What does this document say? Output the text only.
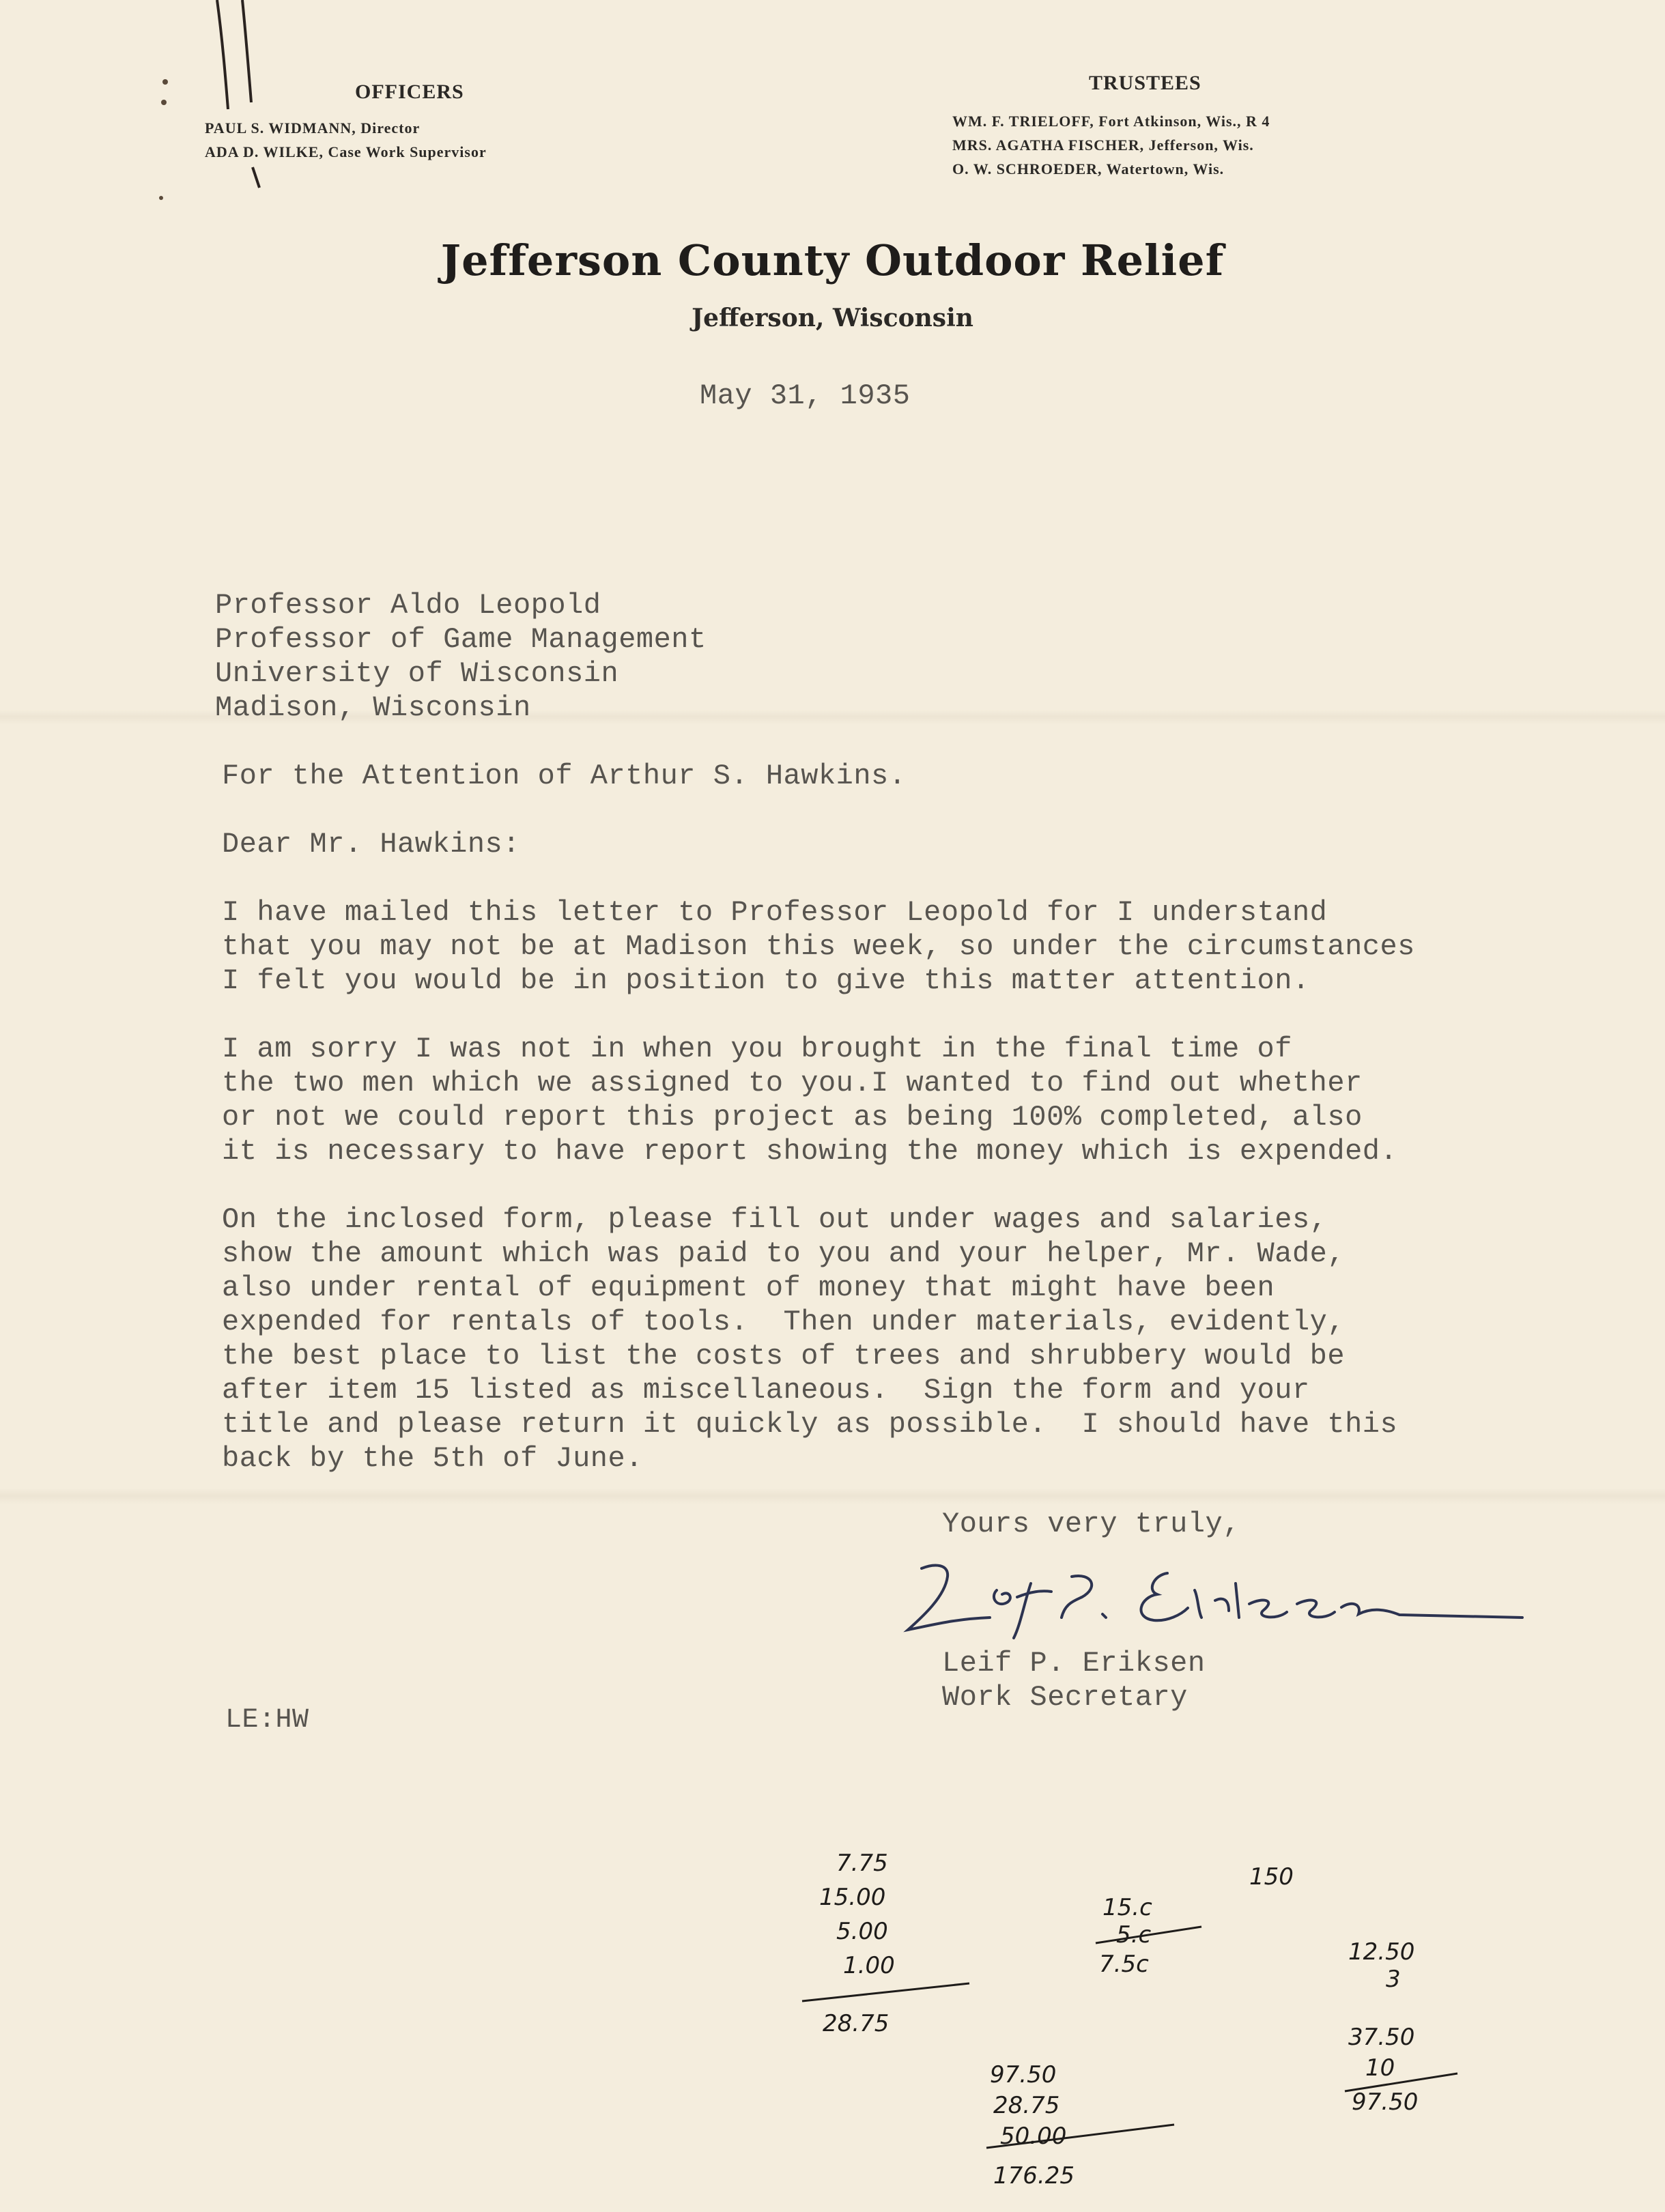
OFFICERS
PAUL S. WIDMANN, Director
ADA D. WILKE, Case Work Supervisor
TRUSTEES
WM. F. TRIELOFF, Fort Atkinson, Wis., R 4
MRS. AGATHA FISCHER, Jefferson, Wis.
O. W. SCHROEDER, Watertown, Wis.
Jefferson County Outdoor Relief
Jefferson, Wisconsin
May 31, 1935
Professor Aldo Leopold
Professor of Game Management
University of Wisconsin
Madison, Wisconsin
For the Attention of Arthur S. Hawkins.
Dear Mr. Hawkins:
I have mailed this letter to Professor Leopold for I understand
that you may not be at Madison this week, so under the circumstances
I felt you would be in position to give this matter attention.
I am sorry I was not in when you brought in the final time of
the two men which we assigned to you.I wanted to find out whether
or not we could report this project as being 100% completed, also
it is necessary to have report showing the money which is expended.
On the inclosed form, please fill out under wages and salaries,
show the amount which was paid to you and your helper, Mr. Wade,
also under rental of equipment of money that might have been
expended for rentals of tools.  Then under materials, evidently,
the best place to list the costs of trees and shrubbery would be
after item 15 listed as miscellaneous.  Sign the form and your
title and please return it quickly as possible.  I should have this
back by the 5th of June.
Yours very truly,
Leif P. Eriksen
Work Secretary
LE:HW
7.75
15.00
5.00
1.00
28.75
15.c
5.c
7.5c
150
12.50
3
37.50
10
97.50
97.50
28.75
50.00
176.25
